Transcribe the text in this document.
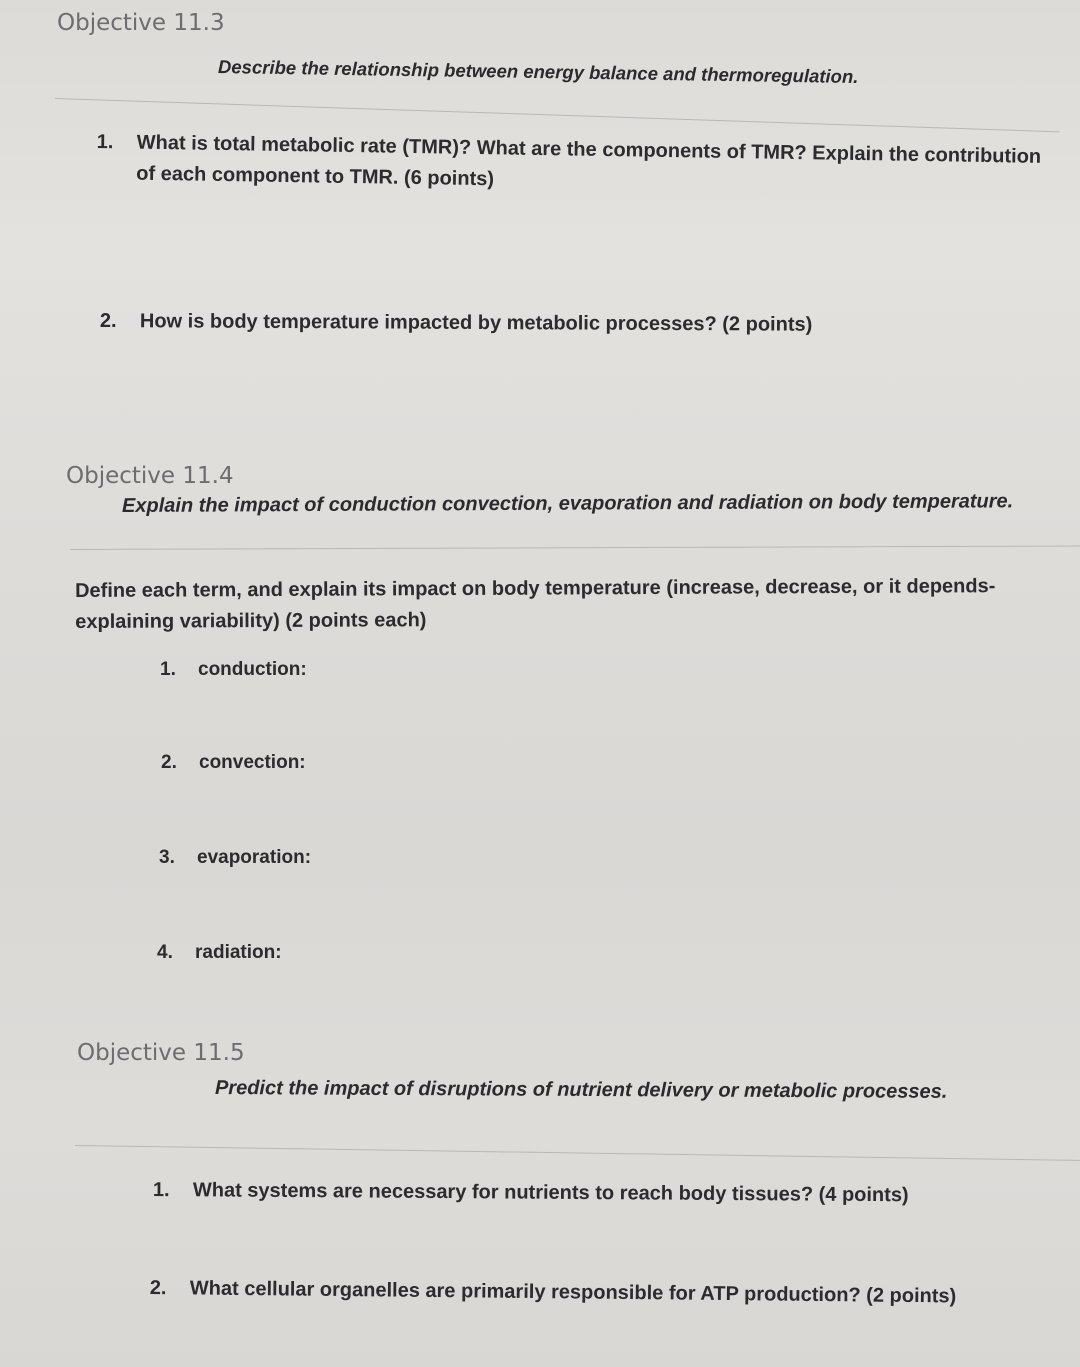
Objective 11.3
Describe the relationship between energy balance and thermoregulation.
1. What is total metabolic rate (TMR)? What are the components of TMR? Explain the contribution of each component to TMR. (6 points)
2. How is body temperature impacted by metabolic processes? (2 points)
Objective 11.4
Explain the impact of conduction convection, evaporation and radiation on body temperature.
Define each term, and explain its impact on body temperature (increase, decrease, or it depends-explaining variability) (2 points each)
1. conduction:
2. convection:
3. evaporation:
4. radiation:
Objective 11.5
Predict the impact of disruptions of nutrient delivery or metabolic processes.
1. What systems are necessary for nutrients to reach body tissues? (4 points)
2. What cellular organelles are primarily responsible for ATP production? (2 points)
